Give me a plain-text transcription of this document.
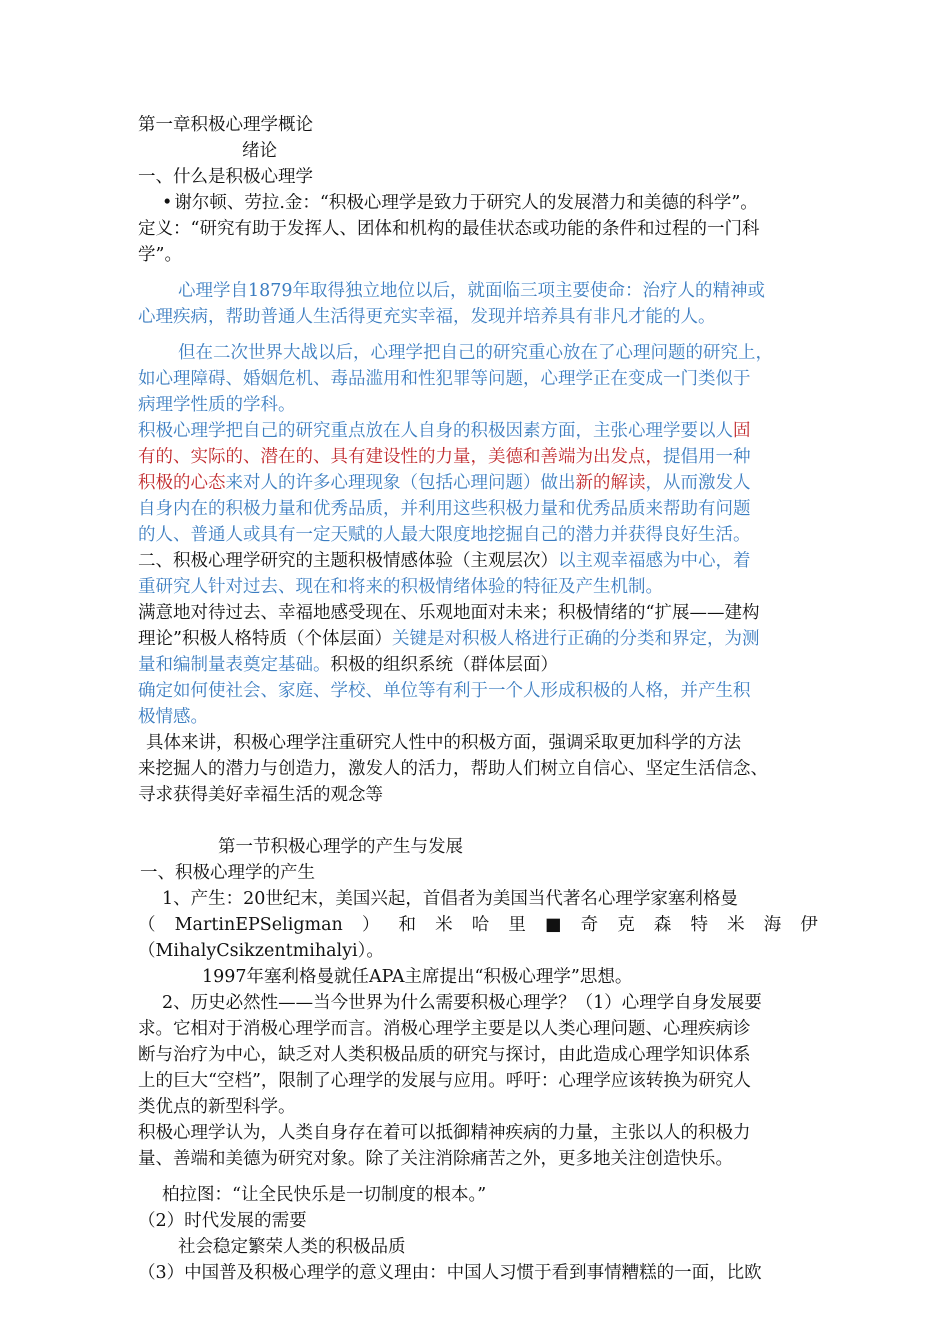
第一章积极心理学概论
绪论
一、什么是积极心理学
• 谢尔顿、劳拉.金：“积极心理学是致力于研究人的发展潜力和美德的科学”。
定义：“研究有助于发挥人、团体和机构的最佳状态或功能的条件和过程的一门科
学”。
心理学自1879年取得独立地位以后，就面临三项主要使命：治疗人的精神或
心理疾病，帮助普通人生活得更充实幸福，发现并培养具有非凡才能的人。
但在二次世界大战以后，心理学把自己的研究重心放在了心理问题的研究上，
如心理障碍、婚姻危机、毒品滥用和性犯罪等问题，心理学正在变成一门类似于
病理学性质的学科。
积极心理学把自己的研究重点放在人自身的积极因素方面，主张心理学要以人固
有的、实际的、潜在的、具有建设性的力量，美德和善端为出发点，提倡用一种
积极的心态来对人的许多心理现象（包括心理问题）做出新的解读，从而激发人
自身内在的积极力量和优秀品质，并利用这些积极力量和优秀品质来帮助有问题
的人、普通人或具有一定天赋的人最大限度地挖掘自己的潜力并获得良好生活。
二、积极心理学研究的主题积极情感体验（主观层次）以主观幸福感为中心，着
重研究人针对过去、现在和将来的积极情绪体验的特征及产生机制。
满意地对待过去、幸福地感受现在、乐观地面对未来；积极情绪的“扩展——建构
理论”积极人格特质（个体层面）关键是对积极人格进行正确的分类和界定，为测
量和编制量表奠定基础。积极的组织系统（群体层面）
确定如何使社会、家庭、学校、单位等有利于一个人形成积极的人格，并产生积
极情感。
具体来讲，积极心理学注重研究人性中的积极方面，强调采取更加科学的方法
来挖掘人的潜力与创造力，激发人的活力，帮助人们树立自信心、坚定生活信念、
寻求获得美好幸福生活的观念等
第一节积极心理学的产生与发展
一、积极心理学的产生
1、产生：20世纪末，美国兴起，首倡者为美国当代著名心理学家塞利格曼
（ MartinEPSeligman ） 和 米 哈 里 ■ 奇 克 森 特 米 海 伊
（MihalyCsikzentmihalyi）。
1997年塞利格曼就任APA主席提出“积极心理学”思想。
2、历史必然性——当今世界为什么需要积极心理学？（1）心理学自身发展要
求。它相对于消极心理学而言。消极心理学主要是以人类心理问题、心理疾病诊
断与治疗为中心，缺乏对人类积极品质的研究与探讨，由此造成心理学知识体系
上的巨大“空档”，限制了心理学的发展与应用。呼吁：心理学应该转换为研究人
类优点的新型科学。
积极心理学认为，人类自身存在着可以抵御精神疾病的力量，主张以人的积极力
量、善端和美德为研究对象。除了关注消除痛苦之外，更多地关注创造快乐。
柏拉图：“让全民快乐是一切制度的根本。”
（2）时代发展的需要
社会稳定繁荣人类的积极品质
（3）中国普及积极心理学的意义理由：中国人习惯于看到事情糟糕的一面，比欧
